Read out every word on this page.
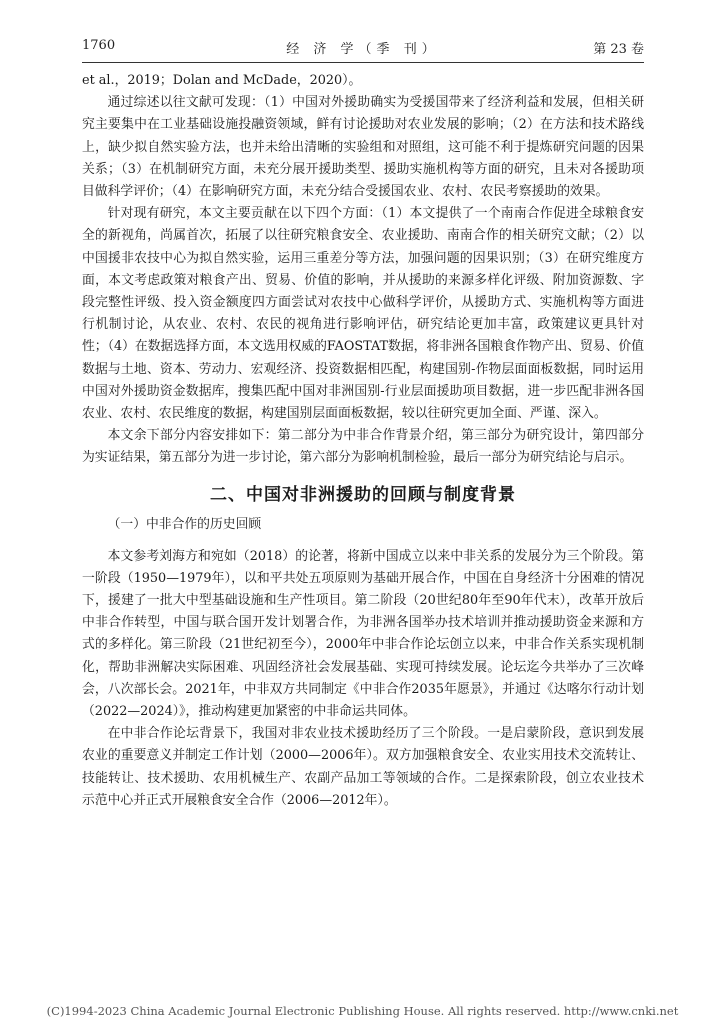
1760	经 济 学（季 刊）	第 23 卷

et al.，2019；Dolan and McDade，2020）。

通过综述以往文献可发现：（1）中国对外援助确实为受援国带来了经济利益和发展，但相关研究主要集中在工业基础设施投融资领域，鲜有讨论援助对农业发展的影响；（2）在方法和技术路线上，缺少拟自然实验方法，也并未给出清晰的实验组和对照组，这可能不利于提炼研究问题的因果关系；（3）在机制研究方面，未充分展开援助类型、援助实施机构等方面的研究，且未对各援助项目做科学评价；（4）在影响研究方面，未充分结合受援国农业、农村、农民考察援助的效果。

针对现有研究，本文主要贡献在以下四个方面：（1）本文提供了一个南南合作促进全球粮食安全的新视角，尚属首次，拓展了以往研究粮食安全、农业援助、南南合作的相关研究文献；（2）以中国援非农技中心为拟自然实验，运用三重差分等方法，加强问题的因果识别；（3）在研究维度方面，本文考虑政策对粮食产出、贸易、价值的影响，并从援助的来源多样化评级、附加资源数、字段完整性评级、投入资金额度四方面尝试对农技中心做科学评价，从援助方式、实施机构等方面进行机制讨论，从农业、农村、农民的视角进行影响评估，研究结论更加丰富，政策建议更具针对性；（4）在数据选择方面，本文选用权威的FAOSTAT数据，将非洲各国粮食作物产出、贸易、价值数据与土地、资本、劳动力、宏观经济、投资数据相匹配，构建国别-作物层面面板数据，同时运用中国对外援助资金数据库，搜集匹配中国对非洲国别-行业层面援助项目数据，进一步匹配非洲各国农业、农村、农民维度的数据，构建国别层面面板数据，较以往研究更加全面、严谨、深入。

本文余下部分内容安排如下：第二部分为中非合作背景介绍，第三部分为研究设计，第四部分为实证结果，第五部分为进一步讨论，第六部分为影响机制检验，最后一部分为研究结论与启示。

二、中国对非洲援助的回顾与制度背景
（一）中非合作的历史回顾

本文参考刘海方和宛如（2018）的论著，将新中国成立以来中非关系的发展分为三个阶段。第一阶段（1950—1979年），以和平共处五项原则为基础开展合作，中国在自身经济十分困难的情况下，援建了一批大中型基础设施和生产性项目。第二阶段（20世纪80年至90年代末），改革开放后中非合作转型，中国与联合国开发计划署合作，为非洲各国举办技术培训并推动援助资金来源和方式的多样化。第三阶段（21世纪初至今），2000年中非合作论坛创立以来，中非合作关系实现机制化，帮助非洲解决实际困难、巩固经济社会发展基础、实现可持续发展。论坛迄今共举办了三次峰会，八次部长会。2021年，中非双方共同制定《中非合作2035年愿景》，并通过《达喀尔行动计划（2022—2024）》，推动构建更加紧密的中非命运共同体。

在中非合作论坛背景下，我国对非农业技术援助经历了三个阶段。一是启蒙阶段，意识到发展农业的重要意义并制定工作计划（2000—2006年）。双方加强粮食安全、农业实用技术交流转让、技能转让、技术援助、农用机械生产、农副产品加工等领域的合作。二是探索阶段，创立农业技术示范中心并正式开展粮食安全合作（2006—2012年）。

(C)1994-2023 China Academic Journal Electronic Publishing House. All rights reserved. http://www.cnki.net
